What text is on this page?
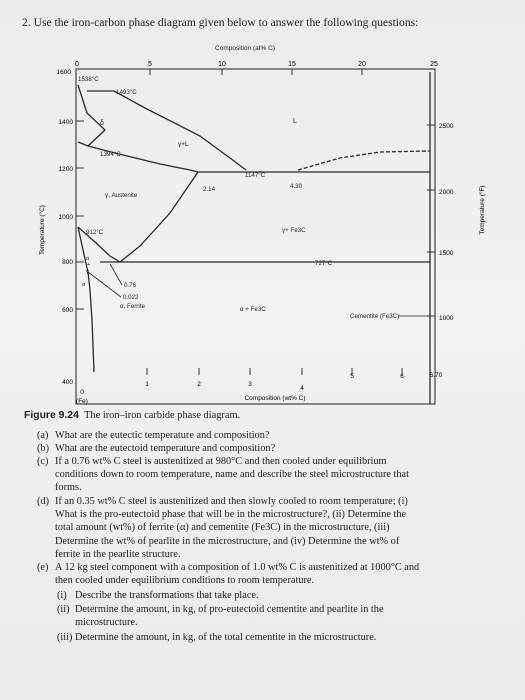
2. Use the iron-carbon phase diagram given below to answer the following questions:
Composition (at% C)
0	5	10	15	20	25
400
600
800
1000
1200
1400
1600
Temperature (°C)
1000
1500
2000
2500
Temperature (°F)
0
1	2	3
4
5	6	6.70
(Fe)	Composition (wt% C)
1538°C
1493°C
δ
1394°C
γ+L
L
1147°C
2.14	4.30
γ, Austenite
912°C	γ+ Fe3C
727°C
α
+
γ
α	0.76
0.022
α, Ferrite	α + Fe3C
Cementite (Fe3C)
Figure 9.24 The iron–iron carbide phase diagram.
(a) What are the eutectic temperature and composition?
(b) What are the eutectoid temperature and composition?
(c) If a 0.76 wt% C steel is austenitized at 980°C and then cooled under equilibrium
conditions down to room temperature, name and describe the steel microstructure that
forms.
(d) If an 0.35 wt% C steel is austenitized and then slowly cooled to room temperature; (i)
What is the pro-eutectoid phase that will be in the microstructure?, (ii) Determine the
total amount (wt%) of ferrite (α) and cementite (Fe3C) in the microstructure, (iii)
Determine the wt% of pearlite in the microstructure, and (iv) Determine the wt% of
ferrite in the pearlite structure.
(e) A 12 kg steel component with a composition of 1.0 wt% C is austenitized at 1000°C and
then cooled under equilibrium conditions to room temperature.
(i) Describe the transformations that take place.
(ii) Determine the amount, in kg, of pro-eutectoid cementite and pearlite in the
microstructure.
(iii) Determine the amount, in kg, of the total cementite in the microstructure.
